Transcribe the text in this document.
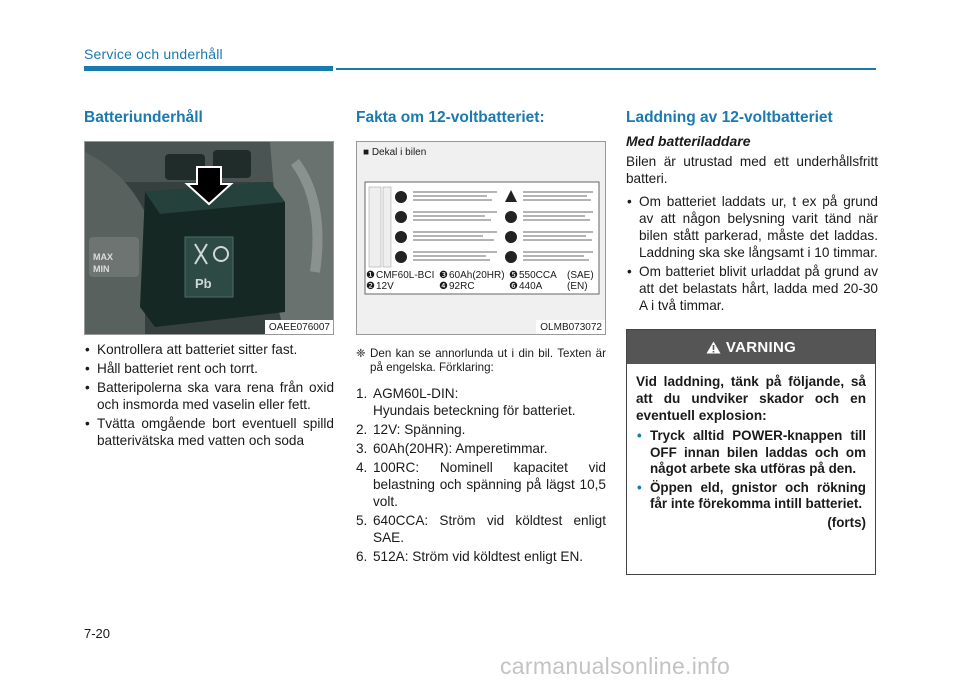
Service och underhåll
Batteriunderhåll
MAX
MIN
Pb
OAEE076007
• Kontrollera att batteriet sitter fast.
• Håll batteriet rent och torrt.
• Batteripolerna ska vara rena från oxid och insmorda med vaselin eller fett.
• Tvätta omgående bort eventuell spilld batterivätska med vatten och soda
Fakta om 12-voltbatteriet:
■ Dekal i bilen
❶ CMF60L-BCI ❸ 60Ah(20HR) ❺ 550CCA	(SAE)
❷ 12V	❹ 92RC	❻ 440A	(EN)
OLMB073072
❈ Den kan se annorlunda ut i din bil. Texten är på engelska. Förklaring:
1. AGM60L-DIN:
Hyundais beteckning för batteriet.
2. 12V: Spänning.
3. 60Ah(20HR): Amperetimmar.
4. 100RC: Nominell kapacitet vid belastning och spänning på lägst 10,5 volt.
5. 640CCA: Ström vid köldtest enligt SAE.
6. 512A: Ström vid köldtest enligt EN.
Laddning av 12-voltbatteriet
Med batteriladdare

Bilen är utrustad med ett underhållsfritt batteri.

• Om batteriet laddats ur, t ex på grund av att någon belysning varit tänd när bilen stått parkerad, måste det laddas. Laddning ska ske långsamt i 10 timmar.
• Om batteriet blivit urladdat på grund av att det belastats hårt, ladda med 20-30 A i två timmar.
VARNING

Vid laddning, tänk på följande, så att du undviker skador och en eventuell explosion:

• Tryck alltid POWER-knappen till OFF innan bilen laddas och om något arbete ska utföras på den.
• Öppen eld, gnistor och rökning får inte förekomma intill batteriet.
(forts)
7-20
carmanualsonline.info
